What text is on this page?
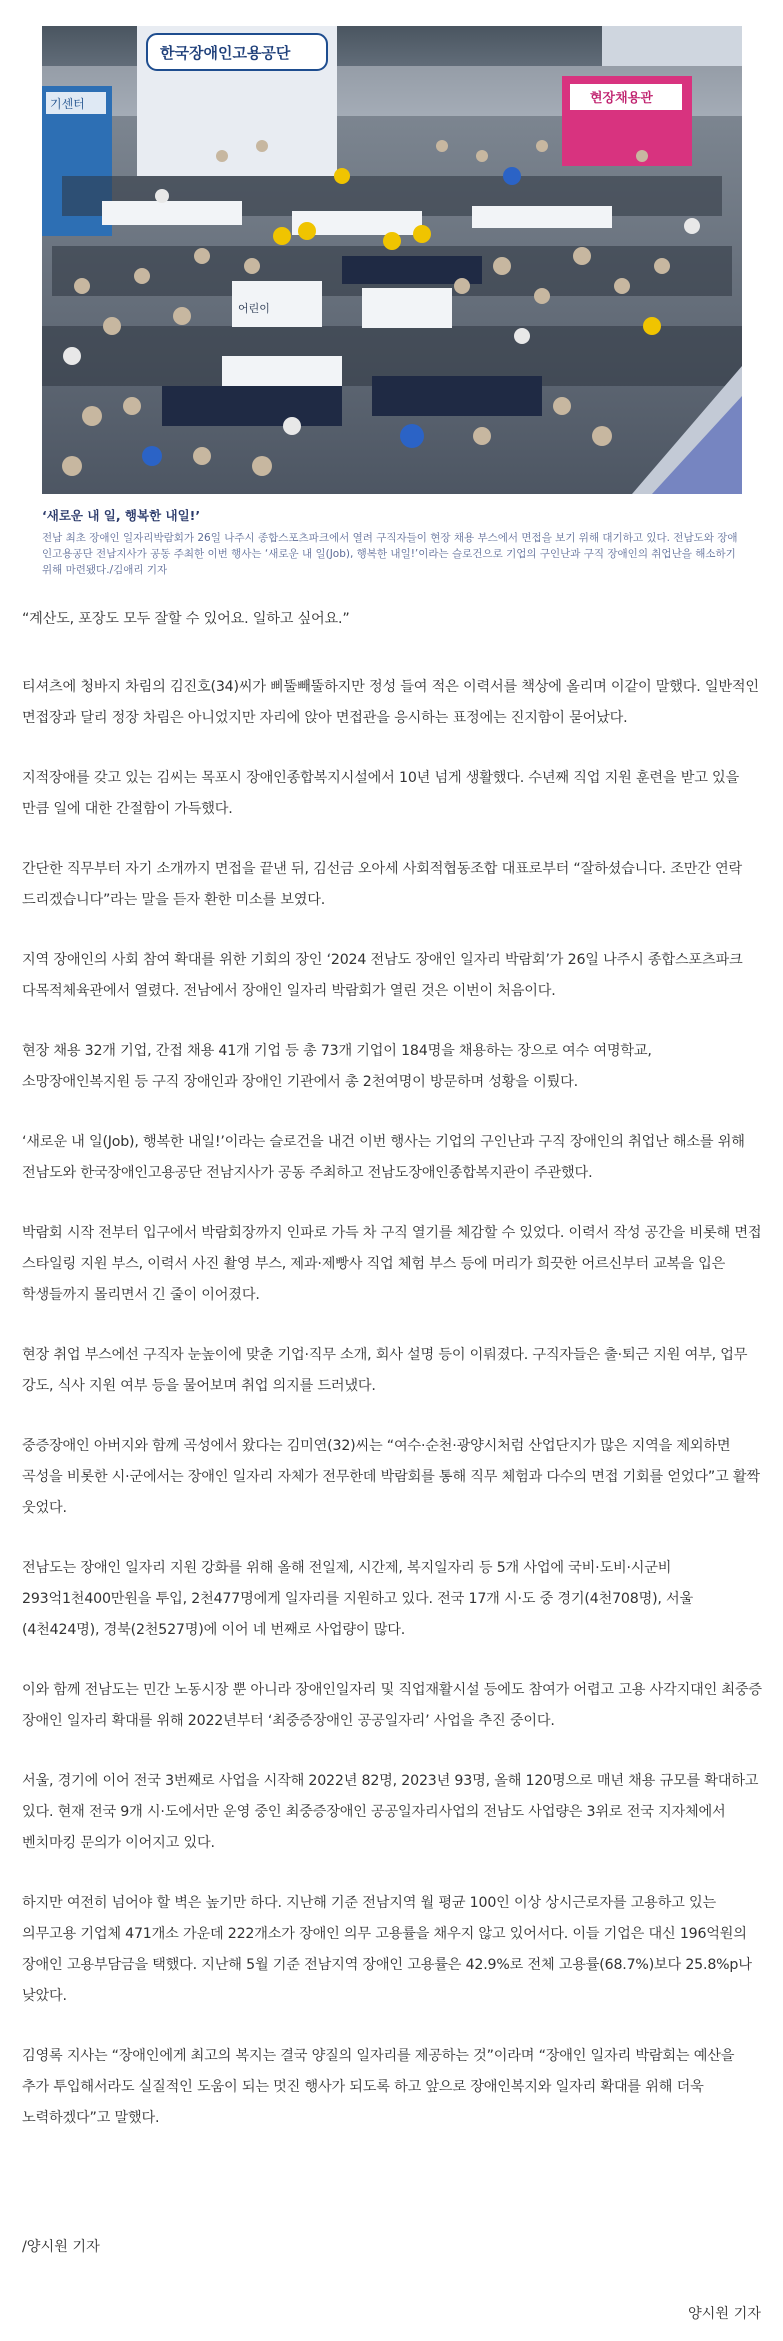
기센터
한국장애인고용공단
현장채용관
어린이

‘새로운 내 일, 행복한 내일!’

전남 최초 장애인 일자리박람회가 26일 나주시 종합스포츠파크에서 열려 구직자들이 현장 채용 부스에서 면접을 보기 위해 대기하고 있다. 전남도와 장애인고용공단 전남지사가 공동 주최한 이번 행사는 ‘새로운 내 일(Job), 행복한 내일!’이라는 슬로건으로 기업의 구인난과 구직 장애인의 취업난을 해소하기 위해 마련됐다./김애리 기자

“계산도, 포장도 모두 잘할 수 있어요. 일하고 싶어요.”

티셔츠에 청바지 차림의 김진호(34)씨가 삐뚤빼뚤하지만 정성 들여 적은 이력서를 책상에 올리며 이같이 말했다. 일반적인 면접장과 달리 정장 차림은 아니었지만 자리에 앉아 면접관을 응시하는 표정에는 진지함이 묻어났다.

지적장애를 갖고 있는 김씨는 목포시 장애인종합복지시설에서 10년 넘게 생활했다. 수년째 직업 지원 훈련을 받고 있을 만큼 일에 대한 간절함이 가득했다.

간단한 직무부터 자기 소개까지 면접을 끝낸 뒤, 김선금 오아세 사회적협동조합 대표로부터 “잘하셨습니다. 조만간 연락 드리겠습니다”라는 말을 듣자 환한 미소를 보였다.

지역 장애인의 사회 참여 확대를 위한 기회의 장인 ‘2024 전남도 장애인 일자리 박람회’가 26일 나주시 종합스포츠파크 다목적체육관에서 열렸다. 전남에서 장애인 일자리 박람회가 열린 것은 이번이 처음이다.

현장 채용 32개 기업, 간접 채용 41개 기업 등 총 73개 기업이 184명을 채용하는 장으로 여수 여명학교, 소망장애인복지원 등 구직 장애인과 장애인 기관에서 총 2천여명이 방문하며 성황을 이뤘다.

‘새로운 내 일(Job), 행복한 내일!’이라는 슬로건을 내건 이번 행사는 기업의 구인난과 구직 장애인의 취업난 해소를 위해 전남도와 한국장애인고용공단 전남지사가 공동 주최하고 전남도장애인종합복지관이 주관했다.

박람회 시작 전부터 입구에서 박람회장까지 인파로 가득 차 구직 열기를 체감할 수 있었다. 이력서 작성 공간을 비롯해 면접 스타일링 지원 부스, 이력서 사진 촬영 부스, 제과·제빵사 직업 체험 부스 등에 머리가 희끗한 어르신부터 교복을 입은 학생들까지 몰리면서 긴 줄이 이어졌다.

현장 취업 부스에선 구직자 눈높이에 맞춘 기업·직무 소개, 회사 설명 등이 이뤄졌다. 구직자들은 출·퇴근 지원 여부, 업무 강도, 식사 지원 여부 등을 물어보며 취업 의지를 드러냈다.

중증장애인 아버지와 함께 곡성에서 왔다는 김미연(32)씨는 “여수·순천·광양시처럼 산업단지가 많은 지역을 제외하면 곡성을 비롯한 시·군에서는 장애인 일자리 자체가 전무한데 박람회를 통해 직무 체험과 다수의 면접 기회를 얻었다”고 활짝 웃었다.

전남도는 장애인 일자리 지원 강화를 위해 올해 전일제, 시간제, 복지일자리 등 5개 사업에 국비·도비·시군비 293억1천400만원을 투입, 2천477명에게 일자리를 지원하고 있다. 전국 17개 시·도 중 경기(4천708명), 서울(4천424명), 경북(2천527명)에 이어 네 번째로 사업량이 많다.

이와 함께 전남도는 민간 노동시장 뿐 아니라 장애인일자리 및 직업재활시설 등에도 참여가 어렵고 고용 사각지대인 최중증 장애인 일자리 확대를 위해 2022년부터 ‘최중증장애인 공공일자리’ 사업을 추진 중이다.

서울, 경기에 이어 전국 3번째로 사업을 시작해 2022년 82명, 2023년 93명, 올해 120명으로 매년 채용 규모를 확대하고 있다. 현재 전국 9개 시·도에서만 운영 중인 최중증장애인 공공일자리사업의 전남도 사업량은 3위로 전국 지자체에서 벤치마킹 문의가 이어지고 있다.

하지만 여전히 넘어야 할 벽은 높기만 하다. 지난해 기준 전남지역 월 평균 100인 이상 상시근로자를 고용하고 있는 의무고용 기업체 471개소 가운데 222개소가 장애인 의무 고용률을 채우지 않고 있어서다. 이들 기업은 대신 196억원의 장애인 고용부담금을 택했다. 지난해 5월 기준 전남지역 장애인 고용률은 42.9%로 전체 고용률(68.7%)보다 25.8%p나 낮았다.

김영록 지사는 “장애인에게 최고의 복지는 결국 양질의 일자리를 제공하는 것”이라며 “장애인 일자리 박람회는 예산을 추가 투입해서라도 실질적인 도움이 되는 멋진 행사가 되도록 하고 앞으로 장애인복지와 일자리 확대를 위해 더욱 노력하겠다”고 말했다.

/양시원 기자
양시원 기자
